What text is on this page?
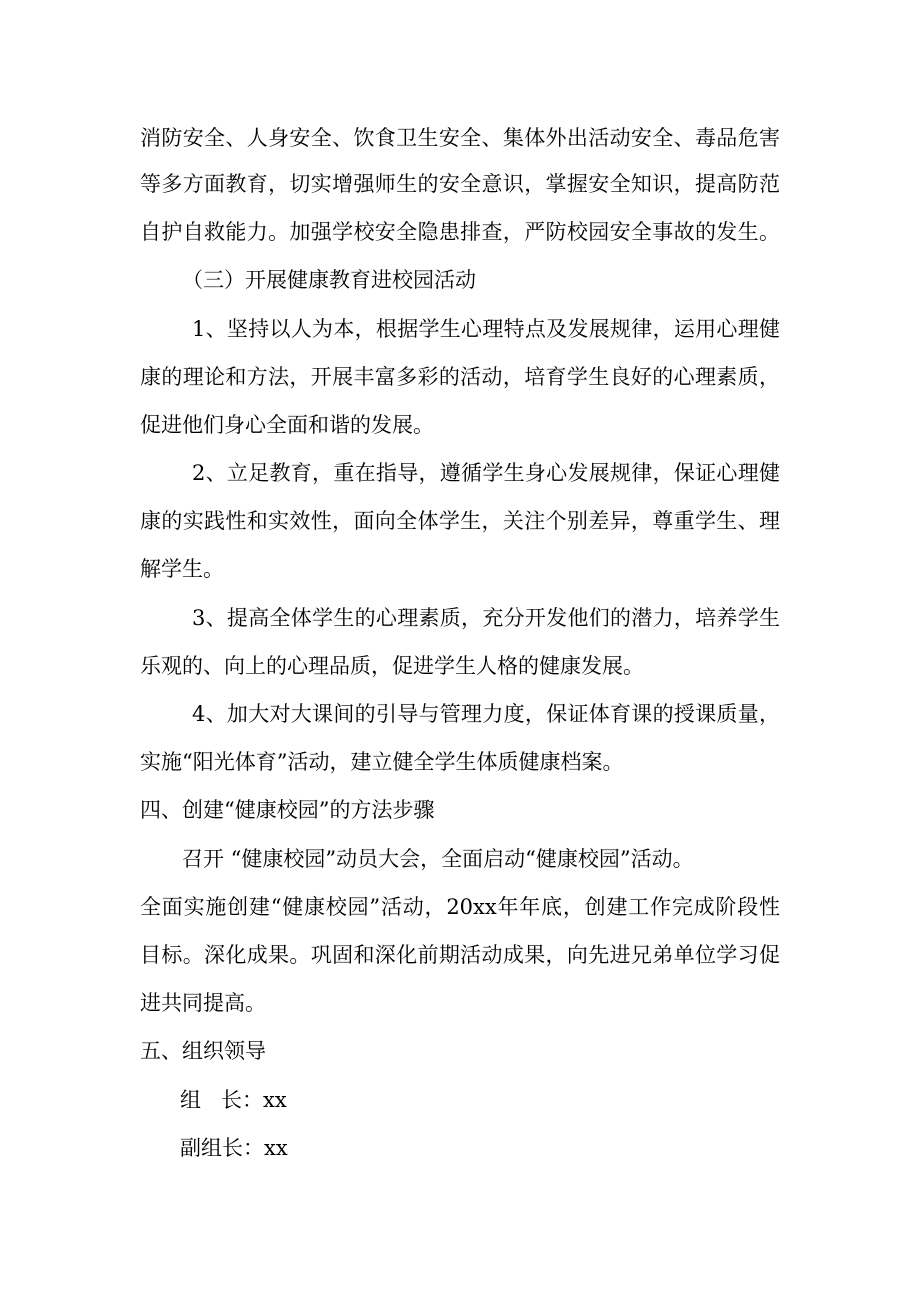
消防安全、人身安全、饮食卫生安全、集体外出活动安全、毒品危害
等多方面教育，切实增强师生的安全意识，掌握安全知识，提高防范
自护自救能力。加强学校安全隐患排查，严防校园安全事故的发生。
（三）开展健康教育进校园活动
1、坚持以人为本，根据学生心理特点及发展规律，运用心理健
康的理论和方法，开展丰富多彩的活动，培育学生良好的心理素质，
促进他们身心全面和谐的发展。
2、立足教育，重在指导，遵循学生身心发展规律，保证心理健
康的实践性和实效性，面向全体学生，关注个别差异，尊重学生、理
解学生。
3、提高全体学生的心理素质，充分开发他们的潜力，培养学生
乐观的、向上的心理品质，促进学生人格的健康发展。
4、加大对大课间的引导与管理力度，保证体育课的授课质量，
实施“阳光体育”活动，建立健全学生体质健康档案。
四、创建“健康校园”的方法步骤
召开 “健康校园”动员大会，全面启动“健康校园”活动。
全面实施创建“健康校园”活动，20xx年年底，创建工作完成阶段性
目标。深化成果。巩固和深化前期活动成果，向先进兄弟单位学习促
进共同提高。
五、组织领导
组   长：xx
副组长：xx
